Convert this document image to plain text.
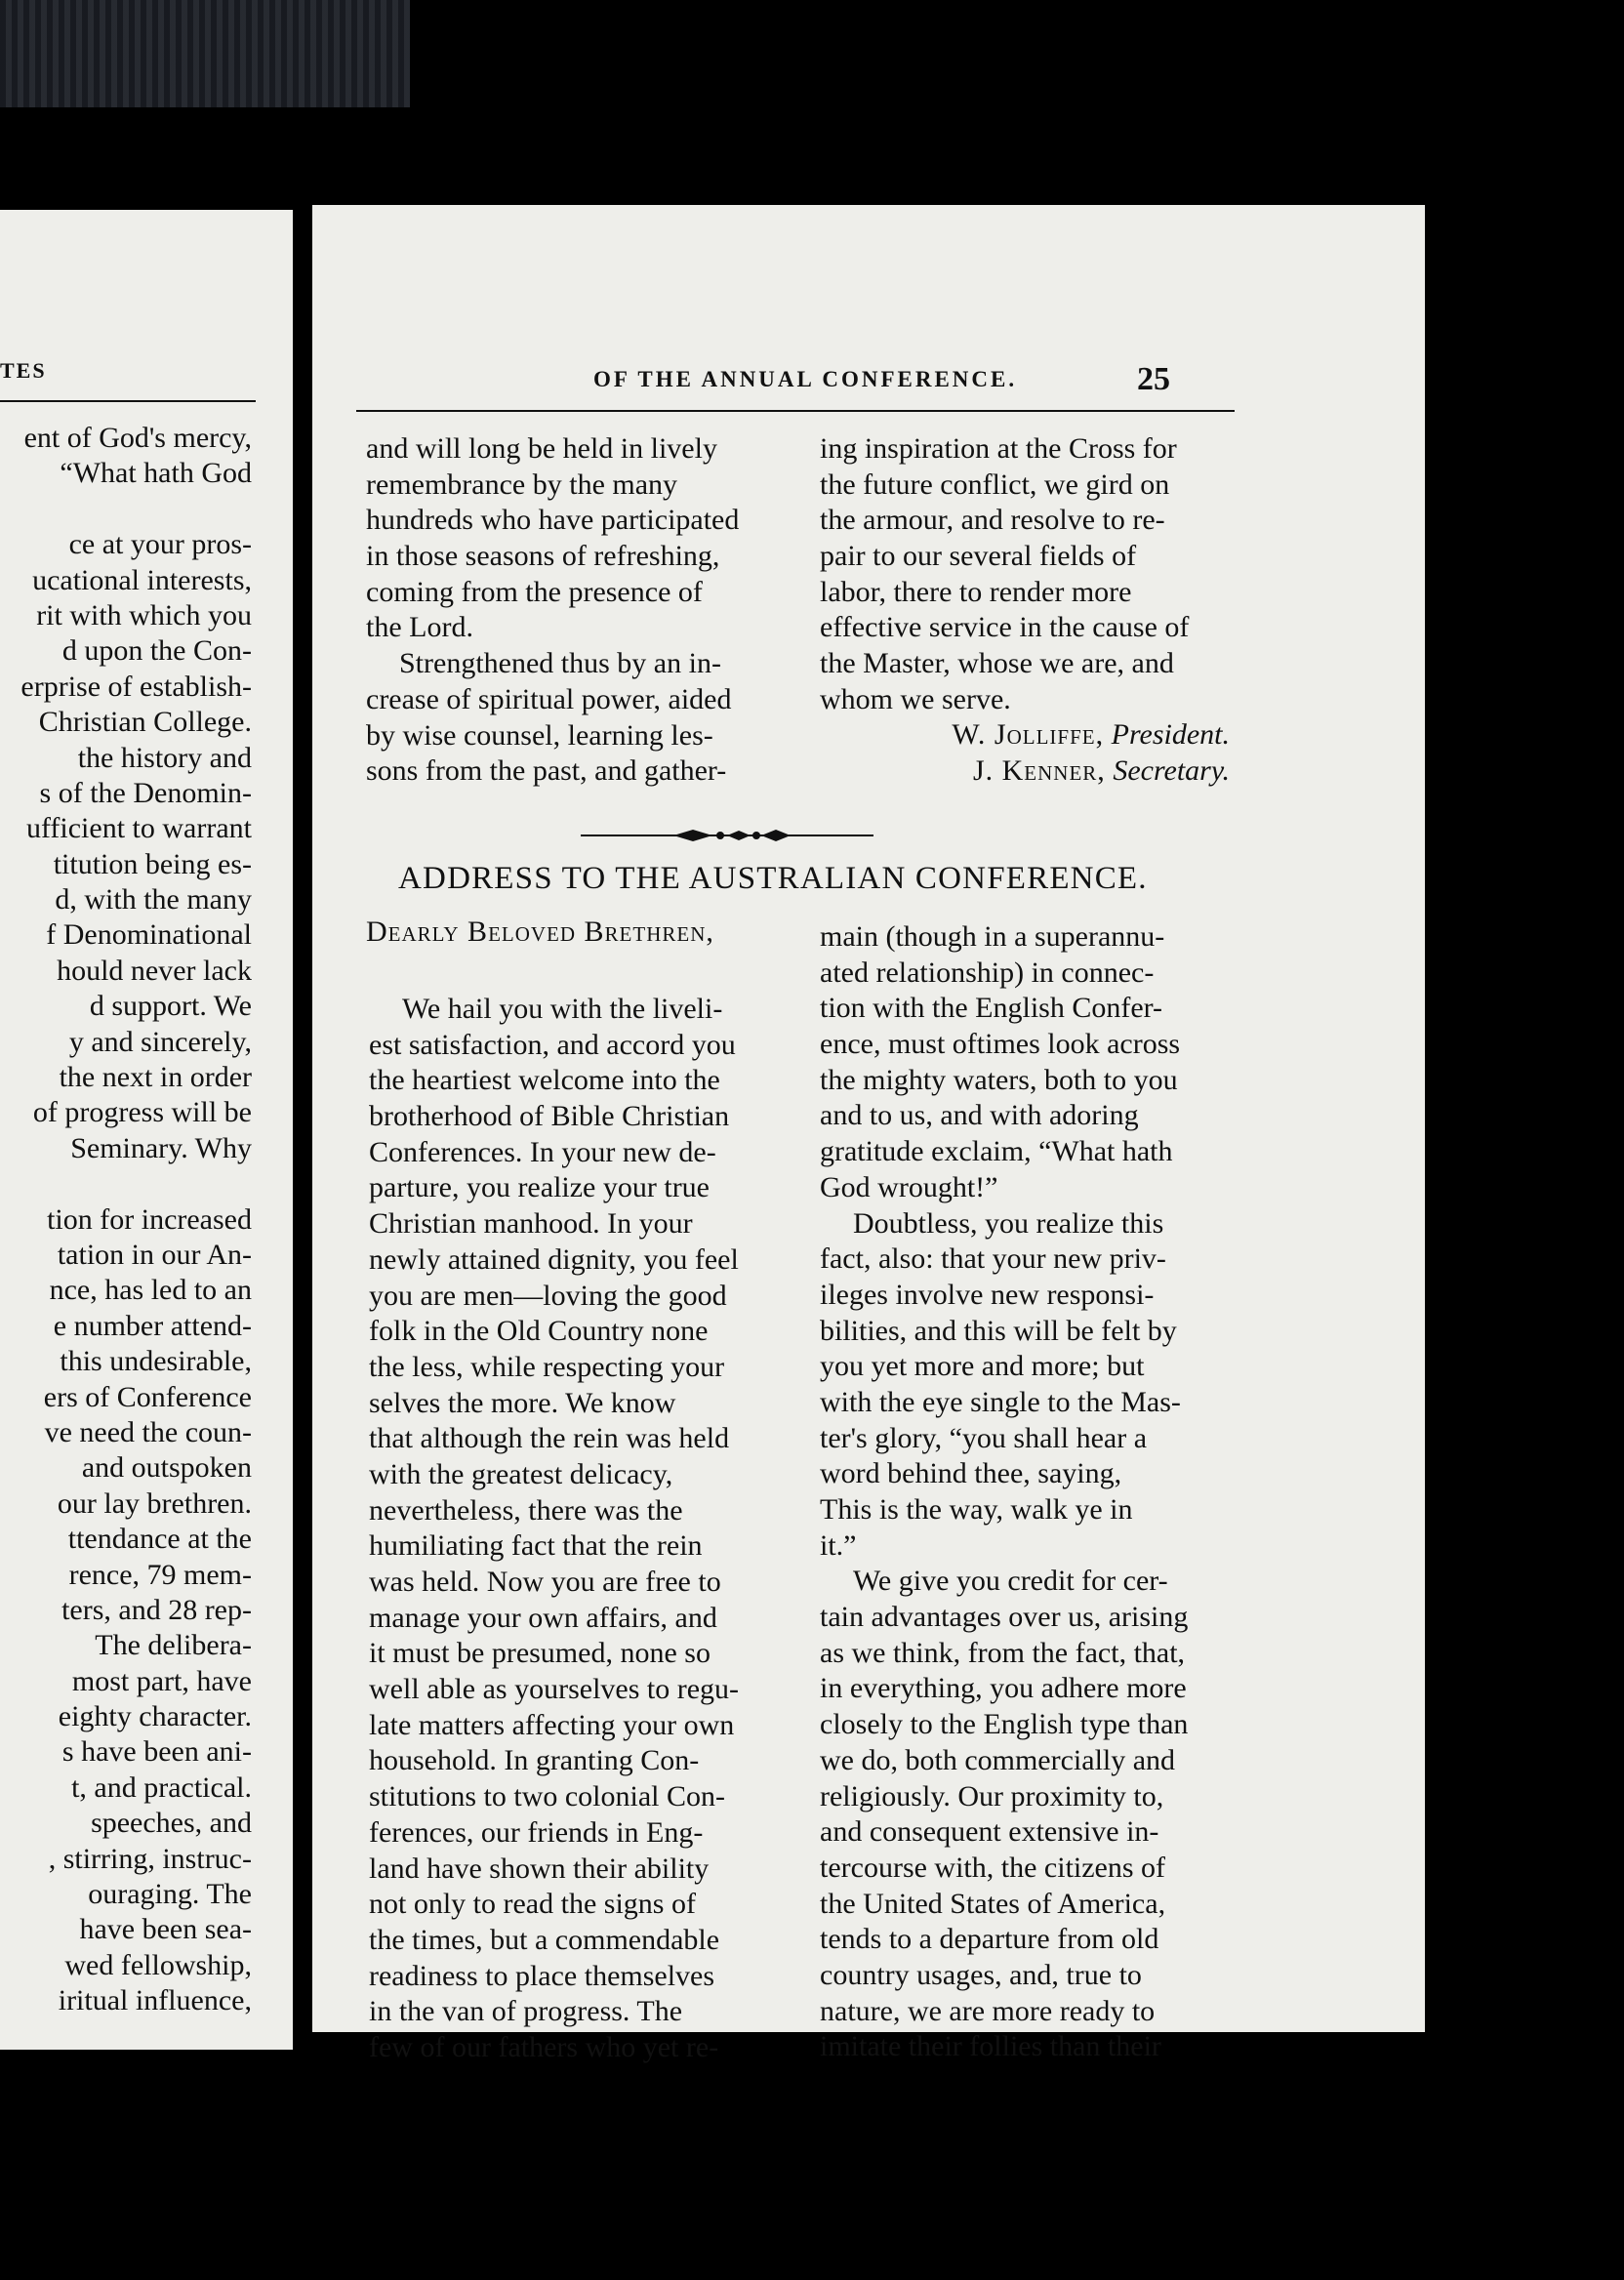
TES
ent of God's mercy,
“What hath God
ce at your pros-
ucational interests,
rit with which you
d upon the Con-
erprise of establish-
Christian College.
the history and
s of the Denomin-
ufficient to warrant
titution being es-
d, with the many
f Denominational
hould never lack
d support. We
y and sincerely,
the next in order
of progress will be
Seminary. Why
tion for increased
tation in our An-
nce, has led to an
e number attend-
this undesirable,
ers of Conference
ve need the coun-
and outspoken
our lay brethren.
ttendance at the
rence, 79 mem-
ters, and 28 rep-
The delibera-
most part, have
eighty character.
s have been ani-
t, and practical.
speeches, and
, stirring, instruc-
ouraging. The
have been sea-
wed fellowship,
iritual influence,
OF THE ANNUAL CONFERENCE.	25
and will long be held in lively
remembrance by the many
hundreds who have participated
in those seasons of refreshing,
coming from the presence of
the Lord.
Strengthened thus by an in-
crease of spiritual power, aided
by wise counsel, learning les-
sons from the past, and gather-
ing inspiration at the Cross for
the future conflict, we gird on
the armour, and resolve to re-
pair to our several fields of
labor, there to render more
effective service in the cause of
the Master, whose we are, and
whom we serve.
W. Jolliffe, President.
J. Kenner, Secretary.
ADDRESS TO THE AUSTRALIAN CONFERENCE.
Dearly Beloved Brethren,
We hail you with the liveli-
est satisfaction, and accord you
the heartiest welcome into the
brotherhood of Bible Christian
Conferences. In your new de-
parture, you realize your true
Christian manhood. In your
newly attained dignity, you feel
you are men—loving the good
folk in the Old Country none
the less, while respecting your
selves the more. We know
that although the rein was held
with the greatest delicacy,
nevertheless, there was the
humiliating fact that the rein
was held. Now you are free to
manage your own affairs, and
it must be presumed, none so
well able as yourselves to regu-
late matters affecting your own
household. In granting Con-
stitutions to two colonial Con-
ferences, our friends in Eng-
land have shown their ability
not only to read the signs of
the times, but a commendable
readiness to place themselves
in the van of progress. The
few of our fathers who yet re-
main (though in a superannu-
ated relationship) in connec-
tion with the English Confer-
ence, must oftimes look across
the mighty waters, both to you
and to us, and with adoring
gratitude exclaim, “What hath
God wrought!”
Doubtless, you realize this
fact, also: that your new priv-
ileges involve new responsi-
bilities, and this will be felt by
you yet more and more; but
with the eye single to the Mas-
ter's glory, “you shall hear a
word behind thee, saying,
This is the way, walk ye in
it.”
We give you credit for cer-
tain advantages over us, arising
as we think, from the fact, that,
in everything, you adhere more
closely to the English type than
we do, both commercially and
religiously. Our proximity to,
and consequent extensive in-
tercourse with, the citizens of
the United States of America,
tends to a departure from old
country usages, and, true to
nature, we are more ready to
imitate their follies than their
